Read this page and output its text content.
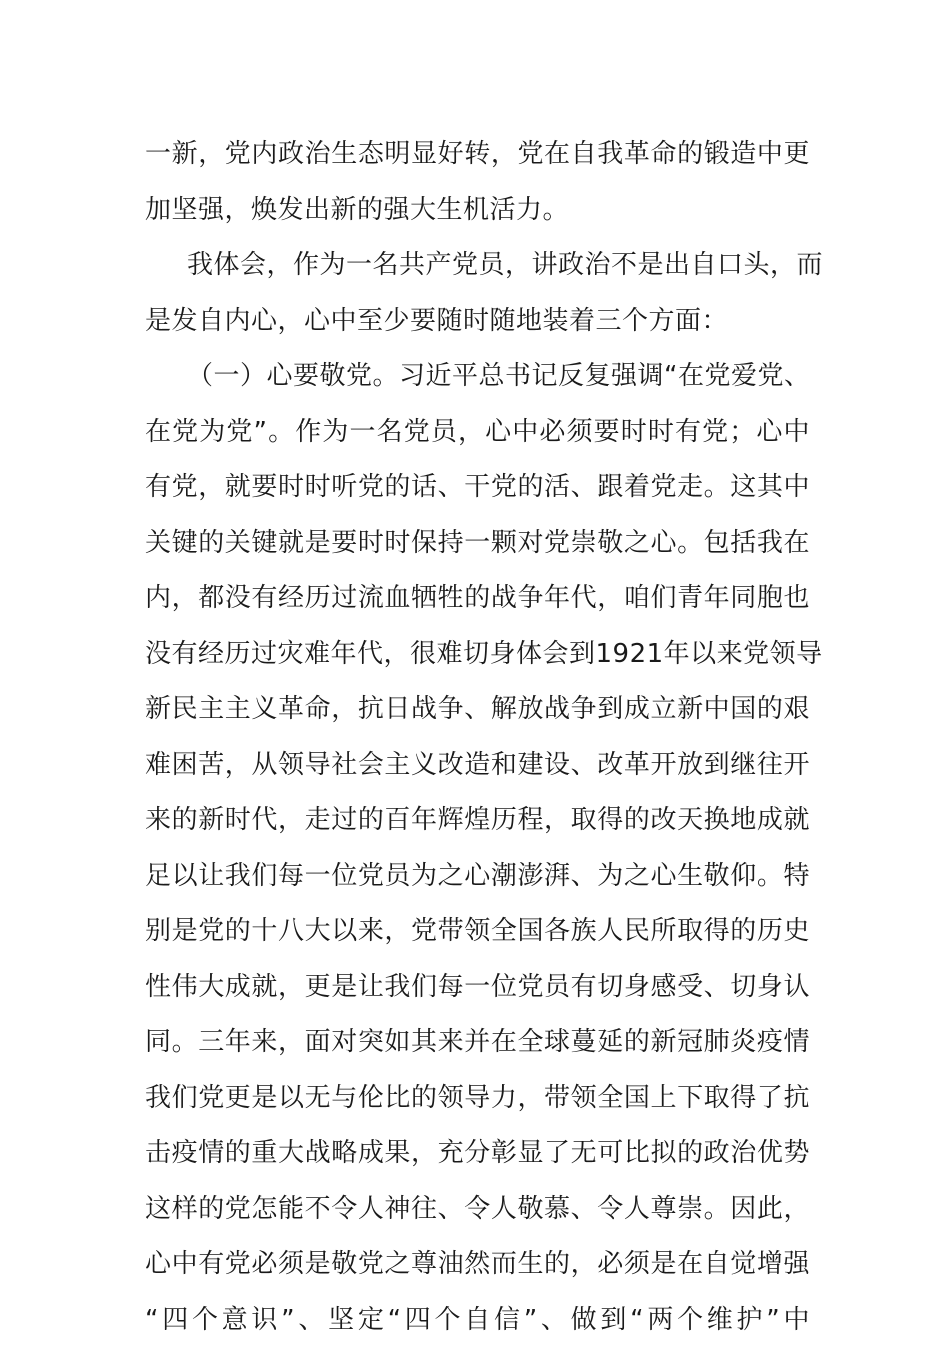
一新，党内政治生态明显好转，党在自我革命的锻造中更
加坚强，焕发出新的强大生机活力。
我体会，作为一名共产党员，讲政治不是出自口头，而
是发自内心，心中至少要随时随地装着三个方面：
（一）心要敬党。习近平总书记反复强调“在党爱党、
在党为党”。作为一名党员，心中必须要时时有党；心中
有党，就要时时听党的话、干党的活、跟着党走。这其中
关键的关键就是要时时保持一颗对党崇敬之心。包括我在
内，都没有经历过流血牺牲的战争年代，咱们青年同胞也
没有经历过灾难年代，很难切身体会到1921年以来党领导
新民主主义革命，抗日战争、解放战争到成立新中国的艰
难困苦，从领导社会主义改造和建设、改革开放到继往开
来的新时代，走过的百年辉煌历程，取得的改天换地成就
足以让我们每一位党员为之心潮澎湃、为之心生敬仰。特
别是党的十八大以来，党带领全国各族人民所取得的历史
性伟大成就，更是让我们每一位党员有切身感受、切身认
同。三年来，面对突如其来并在全球蔓延的新冠肺炎疫情
我们党更是以无与伦比的领导力，带领全国上下取得了抗
击疫情的重大战略成果，充分彰显了无可比拟的政治优势
这样的党怎能不令人神往、令人敬慕、令人尊崇。因此，
心中有党必须是敬党之尊油然而生的，必须是在自觉增强
“四个意识”、坚定“四个自信”、做到“两个维护”中
